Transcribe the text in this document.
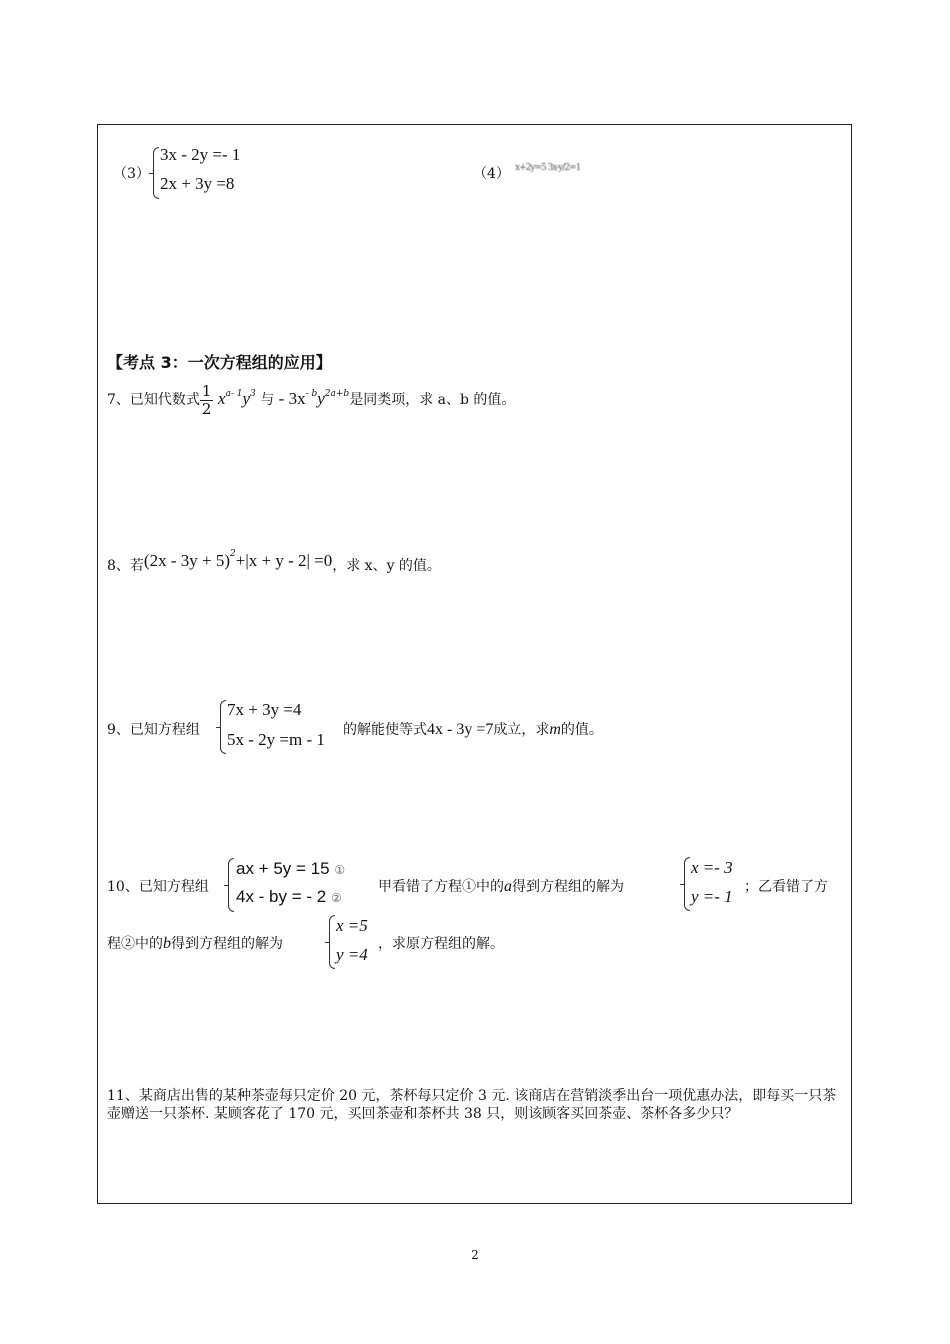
（3）
3x - 2y =- 1
2x + 3y =8	（4） x+2y=5 3x-y/2=1
【考点 3：一次方程组的应用】
7、已知代数式 $\frac{1}{2} x^{a- 1}y^3$ 与 - $3x^{- b}y^{2a+b}$是同类项，求 a、b 的值。
8、若$(2x - 3y + 5)^2+|x + y - 2| =0$，求 x、y 的值。
9、已知方程组
7x + 3y =4
5x - 2y =m - 1 的解能使等式4x - 3y =7成立，求m的值。
10、已知方程组
ax + 5y = 15 ①
4x - by = - 2 ②
甲看错了方程①中的a得到方程组的解为
x =- 3
y =- 1 ；乙看错了方
程②中的b得到方程组的解为
x =5
y =4
，求原方程组的解。
11、某商店出售的某种茶壶每只定价 20 元，茶杯每只定价 3 元. 该商店在营销淡季出台一项优惠办法，即每买一只茶壶赠送一只茶杯. 某顾客花了 170 元，买回茶壶和茶杯共 38 只，则该顾客买回茶壶、茶杯各多少只？
2
